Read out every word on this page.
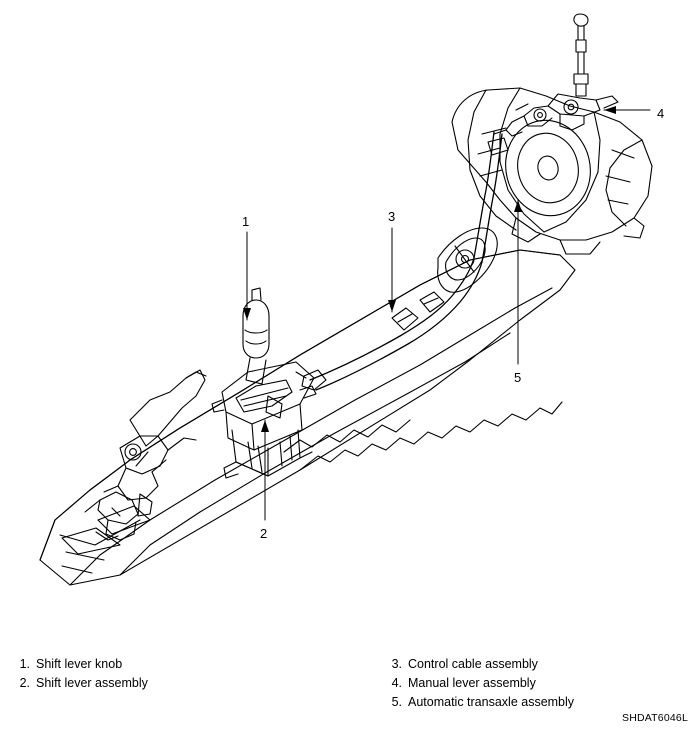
1
2
3
4
5
1. Shift lever knob
2. Shift lever assembly
3. Control cable assembly
4. Manual lever assembly
5. Automatic transaxle assembly
SHDAT6046L
